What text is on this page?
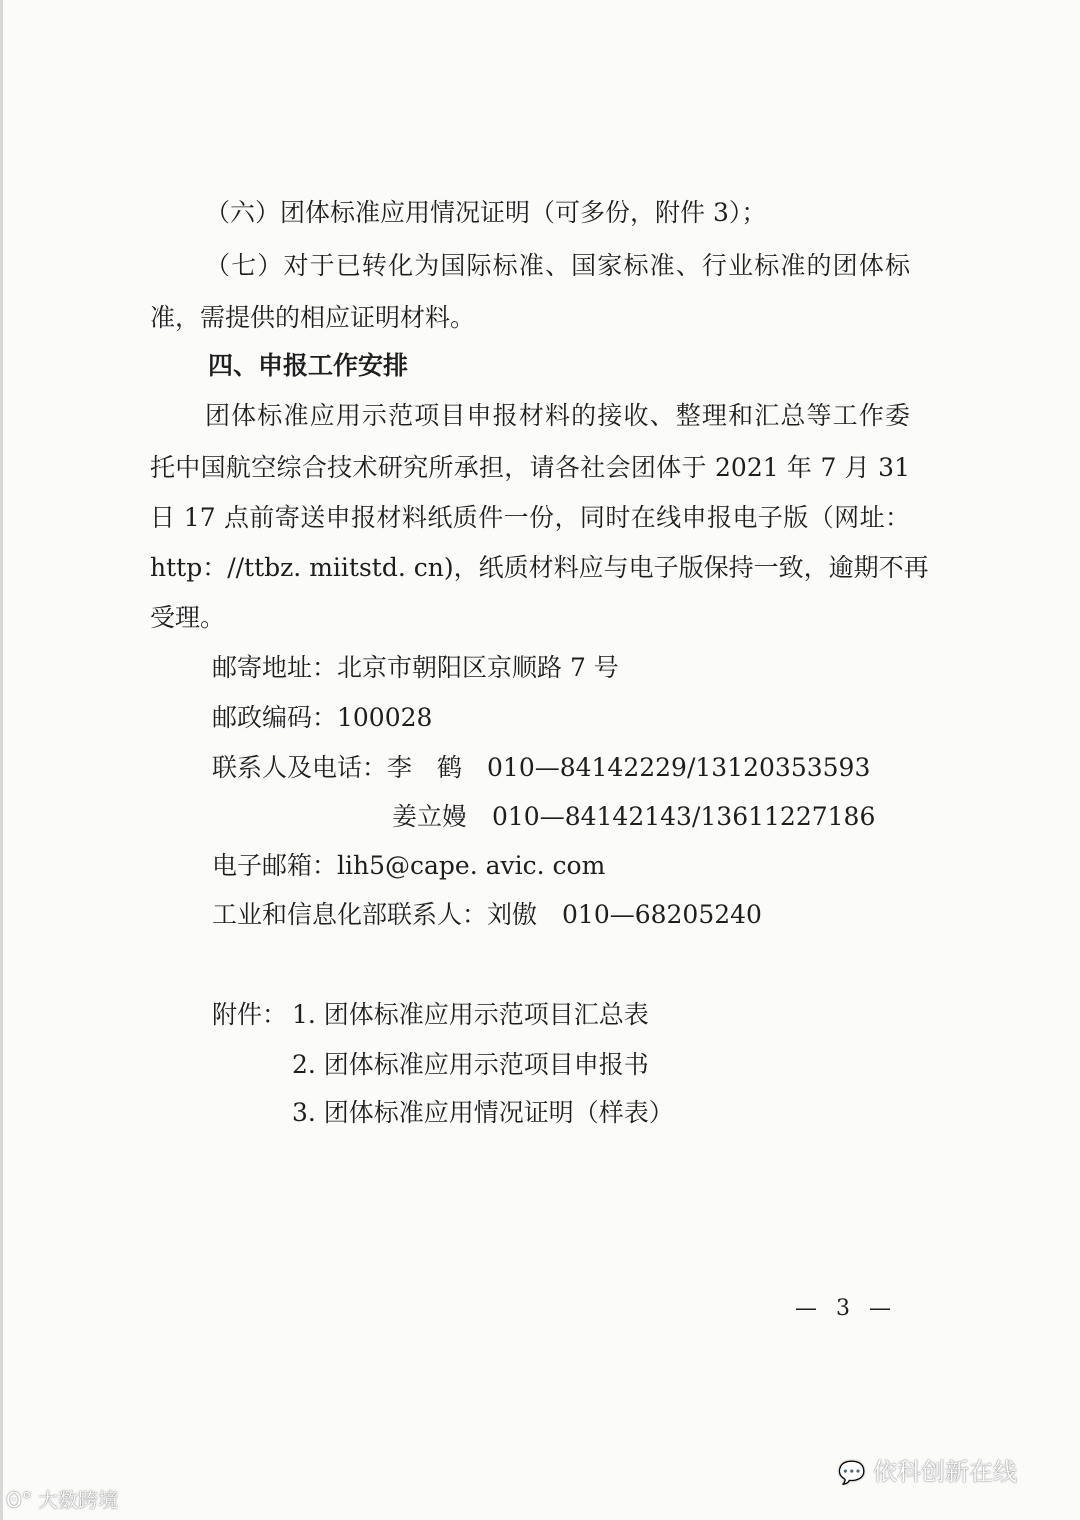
（六）团体标准应用情况证明（可多份，附件 3）；
（七）对于已转化为国际标准、国家标准、行业标准的团体标
准，需提供的相应证明材料。
四、申报工作安排
团体标准应用示范项目申报材料的接收、整理和汇总等工作委
托中国航空综合技术研究所承担，请各社会团体于 2021 年 7 月 31
日 17 点前寄送申报材料纸质件一份，同时在线申报电子版（网址：
http：//ttbz. miitstd. cn)，纸质材料应与电子版保持一致，逾期不再
受理。
邮寄地址：北京市朝阳区京顺路 7 号
邮政编码：100028
联系人及电话：李　鹤　010—84142229/13120353593
姜立嫚　010—84142143/13611227186
电子邮箱：lih5@cape. avic. com
工业和信息化部联系人：刘傲　010—68205240
附件： 1. 团体标准应用示范项目汇总表
2. 团体标准应用示范项目申报书
3. 团体标准应用情况证明（样表）
— 3 —
💬 依科创新在线
ʘ° 大数跨境
